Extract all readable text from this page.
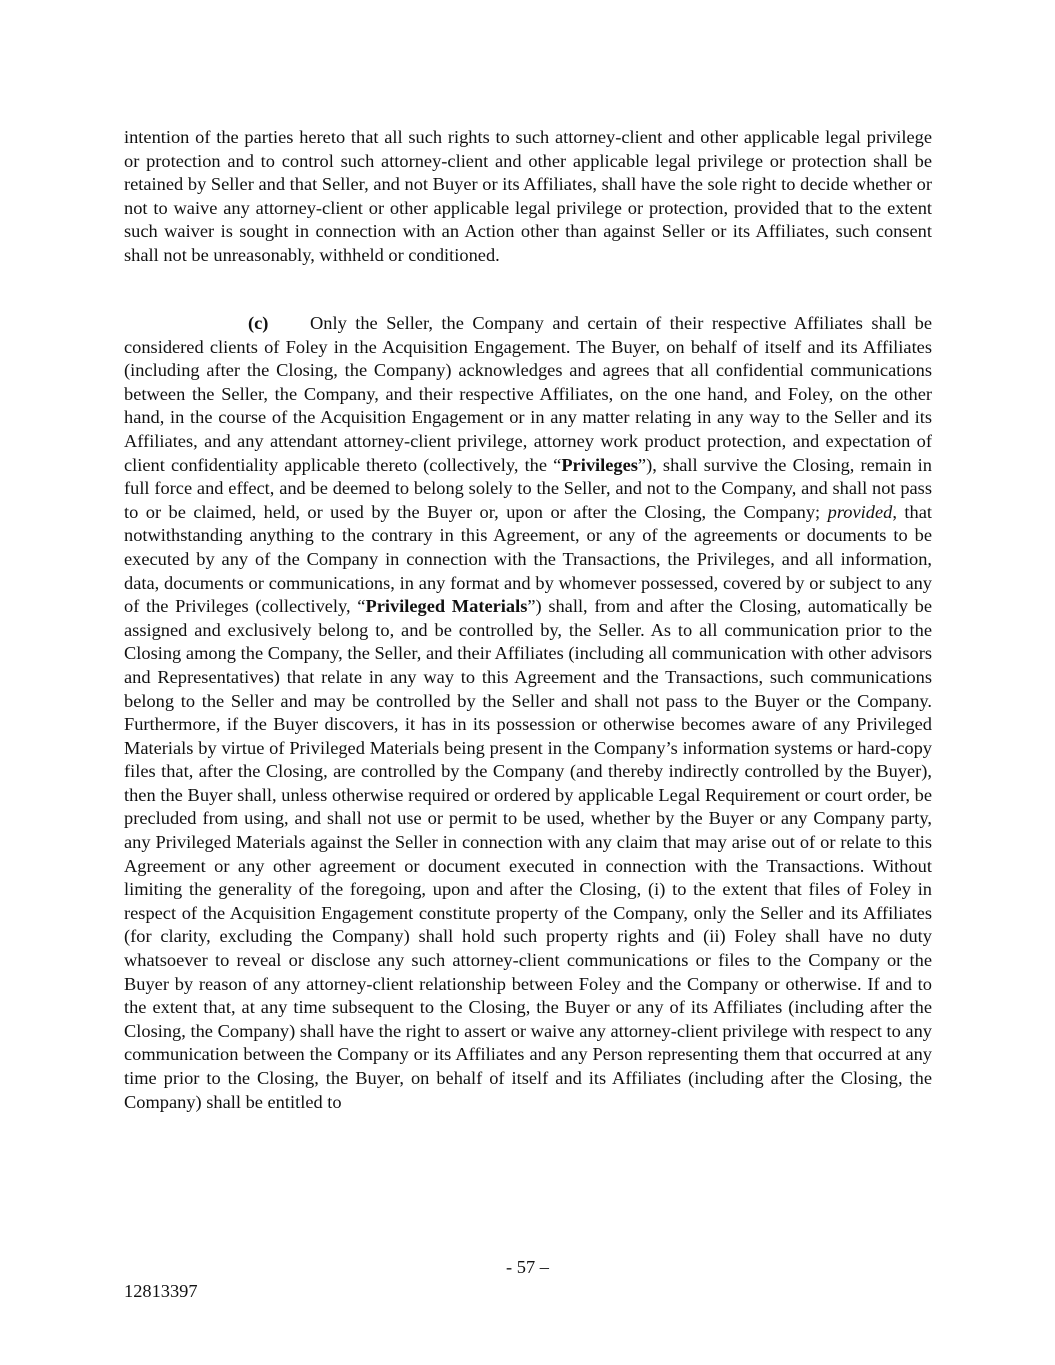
intention of the parties hereto that all such rights to such attorney-client and other applicable legal privilege or protection and to control such attorney-client and other applicable legal privilege or protection shall be retained by Seller and that Seller, and not Buyer or its Affiliates, shall have the sole right to decide whether or not to waive any attorney-client or other applicable legal privilege or protection, provided that to the extent such waiver is sought in connection with an Action other than against Seller or its Affiliates, such consent shall not be unreasonably, withheld or conditioned.

(c) Only the Seller, the Company and certain of their respective Affiliates shall be considered clients of Foley in the Acquisition Engagement. The Buyer, on behalf of itself and its Affiliates (including after the Closing, the Company) acknowledges and agrees that all confidential communications between the Seller, the Company, and their respective Affiliates, on the one hand, and Foley, on the other hand, in the course of the Acquisition Engagement or in any matter relating in any way to the Seller and its Affiliates, and any attendant attorney-client privilege, attorney work product protection, and expectation of client confidentiality applicable thereto (collectively, the “Privileges”), shall survive the Closing, remain in full force and effect, and be deemed to belong solely to the Seller, and not to the Company, and shall not pass to or be claimed, held, or used by the Buyer or, upon or after the Closing, the Company; provided, that notwithstanding anything to the contrary in this Agreement, or any of the agreements or documents to be executed by any of the Company in connection with the Transactions, the Privileges, and all information, data, documents or communications, in any format and by whomever possessed, covered by or subject to any of the Privileges (collectively, “Privileged Materials”) shall, from and after the Closing, automatically be assigned and exclusively belong to, and be controlled by, the Seller. As to all communication prior to the Closing among the Company, the Seller, and their Affiliates (including all communication with other advisors and Representatives) that relate in any way to this Agreement and the Transactions, such communications belong to the Seller and may be controlled by the Seller and shall not pass to the Buyer or the Company. Furthermore, if the Buyer discovers, it has in its possession or otherwise becomes aware of any Privileged Materials by virtue of Privileged Materials being present in the Company’s information systems or hard-copy files that, after the Closing, are controlled by the Company (and thereby indirectly controlled by the Buyer), then the Buyer shall, unless otherwise required or ordered by applicable Legal Requirement or court order, be precluded from using, and shall not use or permit to be used, whether by the Buyer or any Company party, any Privileged Materials against the Seller in connection with any claim that may arise out of or relate to this Agreement or any other agreement or document executed in connection with the Transactions. Without limiting the generality of the foregoing, upon and after the Closing, (i) to the extent that files of Foley in respect of the Acquisition Engagement constitute property of the Company, only the Seller and its Affiliates (for clarity, excluding the Company) shall hold such property rights and (ii) Foley shall have no duty whatsoever to reveal or disclose any such attorney-client communications or files to the Company or the Buyer by reason of any attorney-client relationship between Foley and the Company or otherwise. If and to the extent that, at any time subsequent to the Closing, the Buyer or any of its Affiliates (including after the Closing, the Company) shall have the right to assert or waive any attorney-client privilege with respect to any communication between the Company or its Affiliates and any Person representing them that occurred at any time prior to the Closing, the Buyer, on behalf of itself and its Affiliates (including after the Closing, the Company) shall be entitled to

- 57 –
12813397
